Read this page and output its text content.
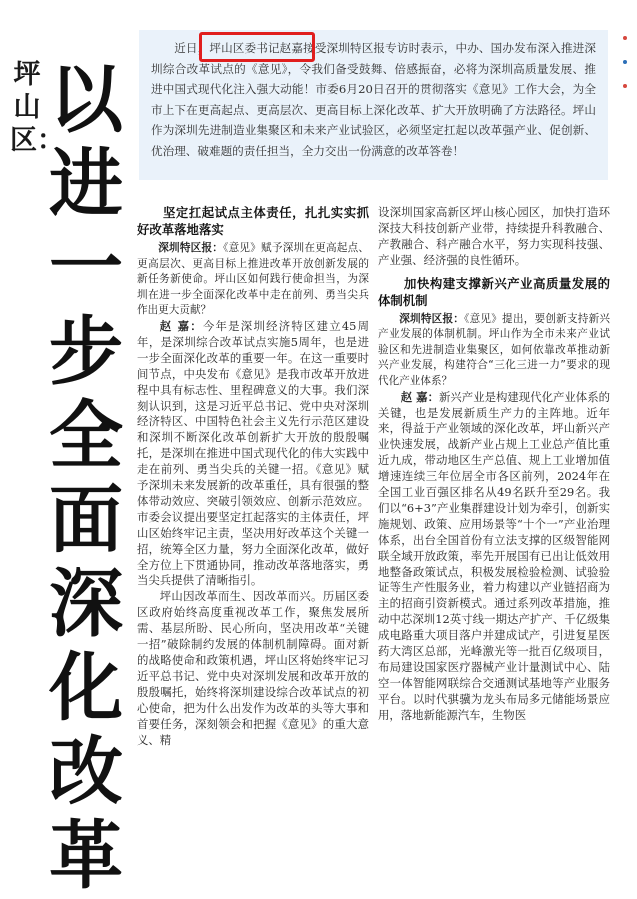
坪山区：
以进一步全面深化改革
近日，坪山区委书记赵嘉接受深圳特区报专访时表示，中办、国办发布深入推进深圳综合改革试点的《意见》，令我们备受鼓舞、倍感振奋，必将为深圳高质量发展、推进中国式现代化注入强大动能！市委6月20日召开的贯彻落实《意见》工作大会，为全市上下在更高起点、更高层次、更高目标上深化改革、扩大开放明确了方法路径。坪山作为深圳先进制造业集聚区和未来产业试验区，必须坚定扛起以改革强产业、促创新、优治理、破难题的责任担当，全力交出一份满意的改革答卷！
坚定扛起试点主体责任，扎扎实实抓好改革落地落实

深圳特区报：《意见》赋予深圳在更高起点、更高层次、更高目标上推进改革开放创新发展的新任务新使命。坪山区如何践行使命担当，为深圳在进一步全面深化改革中走在前列、勇当尖兵作出更大贡献？

赵 嘉：今年是深圳经济特区建立45周年，是深圳综合改革试点实施5周年，也是进一步全面深化改革的重要一年。在这一重要时间节点，中央发布《意见》是我市改革开放进程中具有标志性、里程碑意义的大事。我们深刻认识到，这是习近平总书记、党中央对深圳经济特区、中国特色社会主义先行示范区建设和深圳不断深化改革创新扩大开放的殷殷嘱托，是深圳在推进中国式现代化的伟大实践中走在前列、勇当尖兵的关键一招。《意见》赋予深圳未来发展新的改革重任，具有很强的整体带动效应、突破引领效应、创新示范效应。市委会议提出要坚定扛起落实的主体责任，坪山区始终牢记主责，坚决用好改革这个关键一招，统筹全区力量，努力全面深化改革，做好全方位上下贯通协同，推动改革落地落实，勇当尖兵提供了清晰指引。

坪山因改革而生、因改革而兴。历届区委区政府始终高度重视改革工作，聚焦发展所需、基层所盼、民心所向，坚决用改革“关键一招”破除制约发展的体制机制障碍。面对新的战略使命和政策机遇，坪山区将始终牢记习近平总书记、党中央对深圳发展和改革开放的殷殷嘱托，始终将深圳建设综合改革试点的初心使命，把为什么出发作为改革的头等大事和首要任务，深刻领会和把握《意见》的重大意义、精

设深圳国家高新区坪山核心园区，加快打造环深技大科技创新产业带，持续提升科教融合、产教融合、科产融合水平，努力实现科技强、产业强、经济强的良性循环。

加快构建支撑新兴产业高质量发展的体制机制

深圳特区报：《意见》提出，要创新支持新兴产业发展的体制机制。坪山作为全市未来产业试验区和先进制造业集聚区，如何依靠改革推动新兴产业发展，构建符合“三化三进一力”要求的现代化产业体系？

赵 嘉：新兴产业是构建现代化产业体系的关键，也是发展新质生产力的主阵地。近年来，得益于产业领域的深化改革，坪山新兴产业快速发展，战新产业占规上工业总产值比重近九成，带动地区生产总值、规上工业增加值增速连续三年位居全市各区前列，2024年在全国工业百强区排名从49名跃升至29名。我们以“6+3”产业集群建设计划为牵引，创新实施规划、政策、应用场景等“十个一”产业治理体系，出台全国首份有立法支撑的区级智能网联全域开放政策，率先开展国有已出让低效用地整备政策试点，积极发展检验检测、试验验证等生产性服务业，着力构建以产业链招商为主的招商引资新模式。通过系列改革措施，推动中芯深圳12英寸线一期达产扩产、千亿级集成电路重大项目落户并建成试产，引进复星医药大湾区总部，光峰激光等一批百亿级项目，布局建设国家医疗器械产业计量测试中心、陆空一体智能网联综合交通测试基地等产业服务平台。以时代骐骥为龙头布局多元储能场景应用，落地新能源汽车，生物医
